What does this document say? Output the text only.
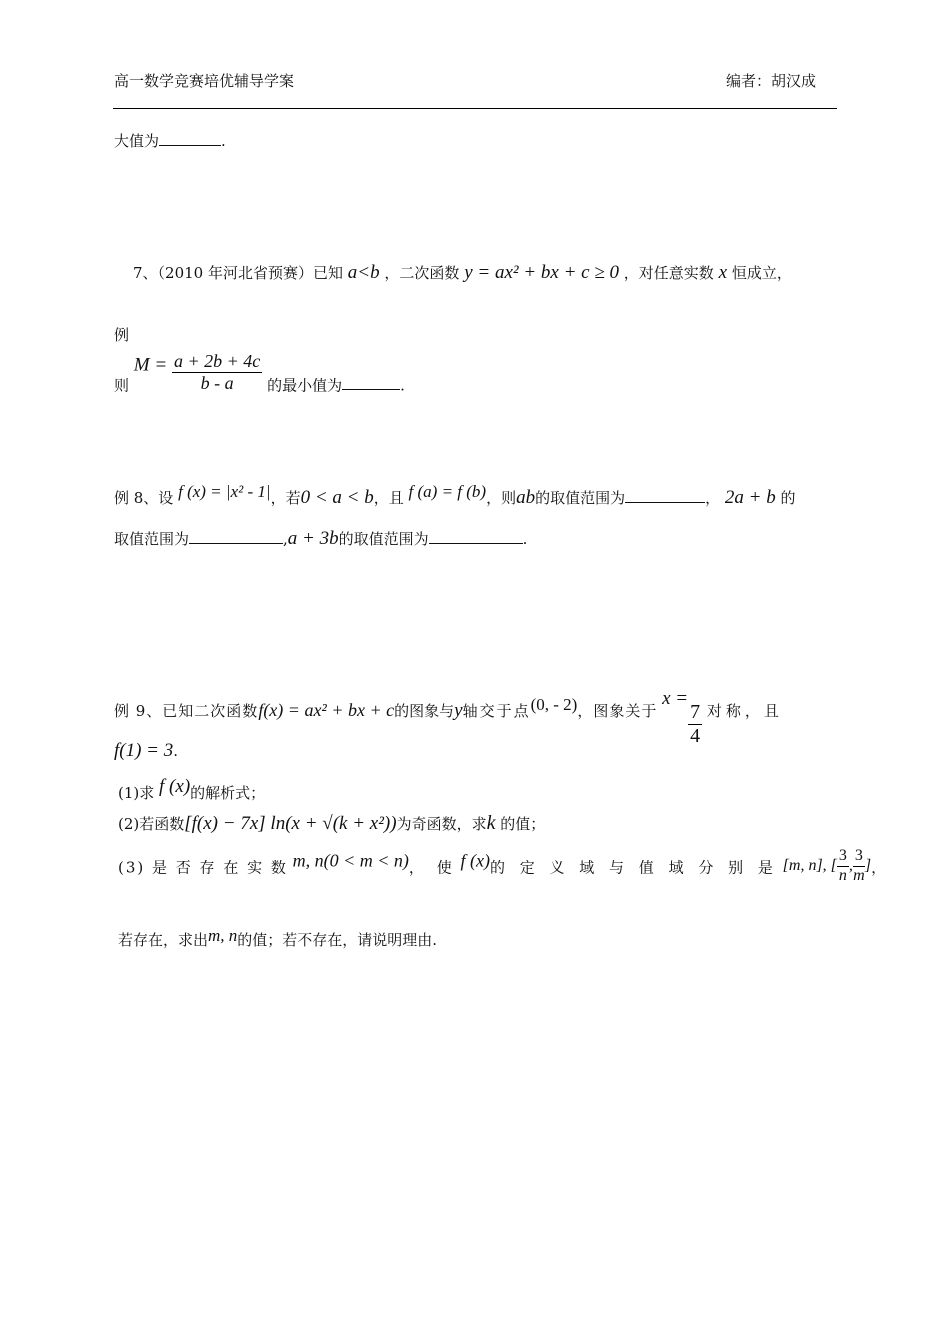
高一数学竞赛培优辅导学案	编者：胡汉成
大值为	.
7、（2010 年河北省预赛）已知 a<b ，二次函数 y = ax² + bx + c ≥ 0 ，对任意实数 x 恒成立，
例
则 $M = \frac{a + 2b + 4c}{b - a}$ 的最小值为	.
例 8、设 f (x) = |x² - 1|，若0 < a < b，且 f (a) = f (b)，则ab的取值范围为	， 2a + b 的
取值范围为	,a + 3b的取值范围为	.
例 9、已知二次函数f(x) = ax² + bx + c的图象与y轴交于点(0, - 2)，图象关于 x =
$\frac{7}{4}$ 对称，且
f(1) = 3.
(1)求 f (x)的解析式；
(2)若函数[f(x) − 7x] ln(x + √(k + x²))为奇函数，求k 的值；
(3) 是 否 存 在 实 数 m, n(0 < m < n)， 使 f (x)的 定 义 域 与 值 域 分 别 是 [m, n], [ $\frac{3}{n}$ , $\frac{3}{m}$ ] ，
若存在，求出m, n的值；若不存在，请说明理由.
